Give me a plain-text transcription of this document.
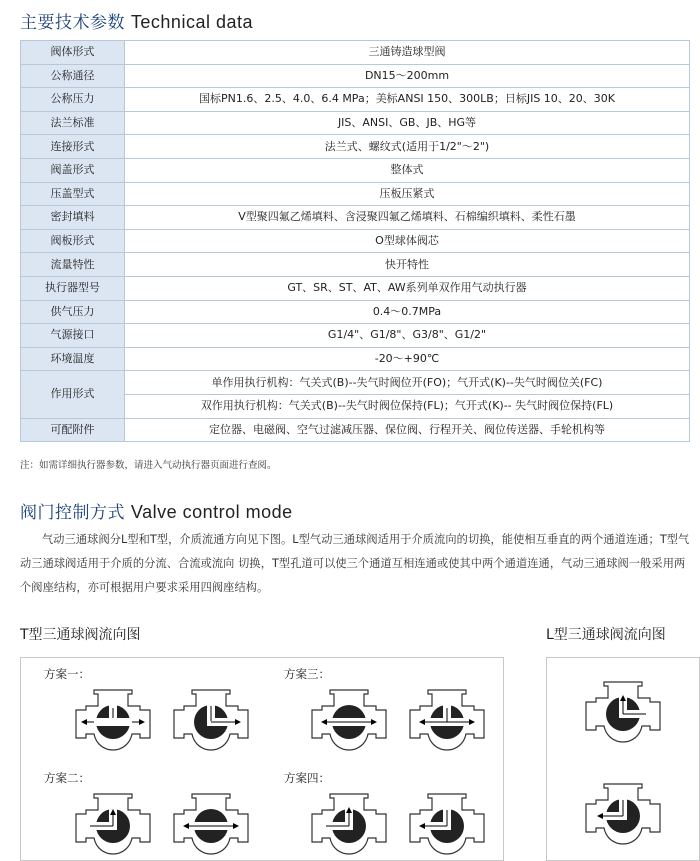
主要技术参数 Technical data
阀体形式	三通铸造球型阀
公称通径	DN15～200mm
公称压力	国标PN1.6、2.5、4.0、6.4 MPa；美标ANSI 150、300LB；日标JIS 10、20、30K
法兰标准	JIS、ANSI、GB、JB、HG等
连接形式	法兰式、螺纹式(适用于1/2"～2")
阀盖形式	整体式
压盖型式	压板压紧式
密封填料	V型聚四氟乙烯填料、含浸聚四氟乙烯填料、石棉编织填料、柔性石墨
阀板形式	O型球体阀芯
流量特性	快开特性
执行器型号	GT、SR、ST、AT、AW系列单双作用气动执行器
供气压力	0.4～0.7MPa
气源接口	G1/4"、G1/8"、G3/8"、G1/2"
环境温度	-20～+90℃
作用形式	单作用执行机构：气关式(B)--失气时阀位开(FO)；气开式(K)--失气时阀位关(FC)
	双作用执行机构：气关式(B)--失气时阀位保持(FL)；气开式(K)-- 失气时阀位保持(FL)
可配附件	定位器、电磁阀、空气过滤减压器、保位阀、行程开关、阀位传送器、手轮机构等
注：如需详细执行器参数，请进入气动执行器页面进行查阅。
阀门控制方式 Valve control mode
气动三通球阀分L型和T型，介质流通方向见下图。L型气动三通球阀适用于介质流向的切换，能使相互垂直的两个通道连通；T型气动三通球阀适用于介质的分流、合流或流向 切换，T型孔道可以使三个通道互相连通或使其中两个通道连通，气动三通球阀一般采用两个阀座结构，亦可根据用户要求采用四阀座结构。
T型三通球阀流向图	L型三通球阀流向图
方案一：
方案二：
方案三：
方案四：
